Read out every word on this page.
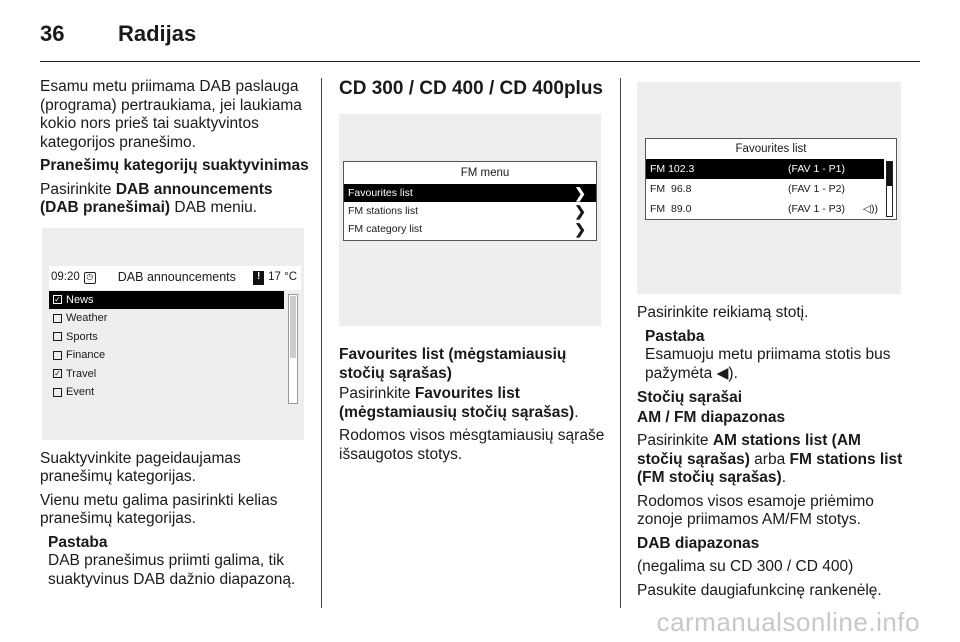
36	Radijas

Esamu metu priimama DAB paslauga (programa) pertraukiama, jei laukiama kokio nors prieš tai suaktyvintos kategorijos pranešimo.

Pranešimų kategorijų suaktyvinimas

Pasirinkite DAB announcements (DAB pranešimai) DAB meniu.

09:20 ◷ DAB announcements	! 17 °C
✓ News
Weather
Sports
Finance
✓ Travel
Event

Suaktyvinkite pageidaujamas pranešimų kategorijas.

Vienu metu galima pasirinkti kelias pranešimų kategorijas.

Pastaba
DAB pranešimus priimti galima, tik suaktyvinus DAB dažnio diapazoną.
CD 300 / CD 400 / CD 400plus
FM menu
Favourites list	❯
FM stations list	❯
FM category list	❯

Favourites list (mėgstamiausių stočių sąrašas)

Pasirinkite Favourites list (mėgstamiausių stočių sąrašas).

Rodomos visos mėsgtamiausių sąraše išsaugotos stotys.

Favourites list
FM 102.3	(FAV 1 - P1)
FM  96.8	(FAV 1 - P2)
FM  89.0	(FAV 1 - P3)	◁))

Pasirinkite reikiamą stotį.

Pastaba
Esamuoju metu priimama stotis bus pažymėta ◀).

Stočių sąrašai

AM / FM diapazonas

Pasirinkite AM stations list (AM stočių sąrašas) arba FM stations list (FM stočių sąrašas).

Rodomos visos esamoje priėmimo zonoje priimamos AM/FM stotys.

DAB diapazonas

(negalima su CD 300 / CD 400)

Pasukite daugiafunkcinę rankenėlę.

carmanualsonline.info
